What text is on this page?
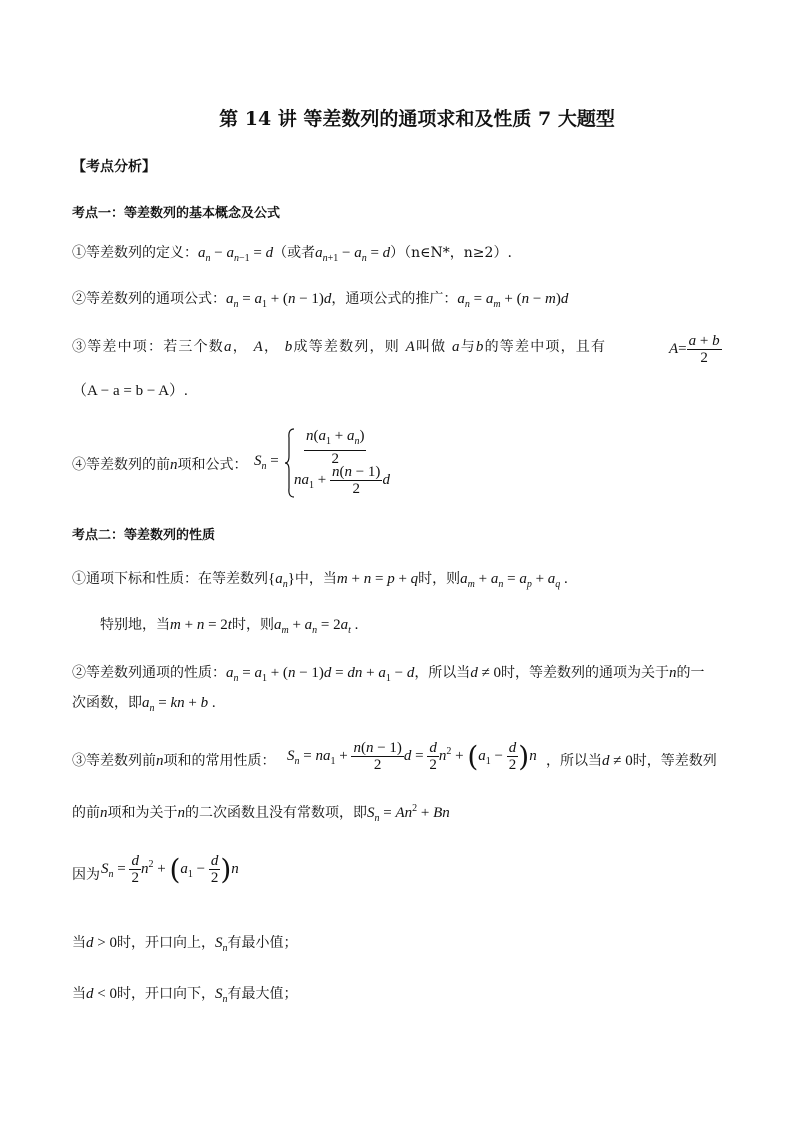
第 14 讲 等差数列的通项求和及性质 7 大题型
【考点分析】
考点一：等差数列的基本概念及公式
①等差数列的定义：$a_n - a_{n-1} = d$（或者$a_{n+1} - a_n$ = d）（n∈N*，n≥2）.
②等差数列的通项公式：$a_n = a_1 + (n - 1)d$，通项公式的推广：$a_n = a_m + (n - m)d$
③等差中项：若三个数a， A， b成等差数列，则 A叫做 a与b的等差中项，且有	$A= \frac{a + b}{2}$
（A − a = b − A）.
④等差数列的前n项和公式： $S_n = \frac{n(a_1 + a_n)}{2}$
$na_1 + \frac{n(n - 1)}{2}$ d
考点二：等差数列的性质
①通项下标和性质：在等差数列$\{a_n\}$中，当m + n = p + q时，则$a_m + a_n = a_p + a_q$ .
特别地，当m + n = 2t时，则$a_m + a_n = 2a_t$ .
②等差数列通项的性质：$a_n = a_1 + (n - 1)d$ = dn + $a_1 - d$，所以当d ≠ 0时，等差数列的通项为关于n的一
次函数，即$a_n$ = kn + b .
③等差数列前n项和的常用性质： $S_n = na_1 + \frac{n(n - 1)}{2}$ $d = \frac{d}{2} n^2 + (a_1 - \frac{d}{2} )n$ ，所以当d ≠ 0时，等差数列
的前n项和为关于n的二次函数且没有常数项，即$S_n = An^2 + Bn$
因为 $S_n = \frac{d}{2} n^2 + (a_1 - \frac{d}{2} )n$
当d > 0时，开口向上，$S_n$有最小值；
当d < 0时，开口向下，$S_n$有最大值；
